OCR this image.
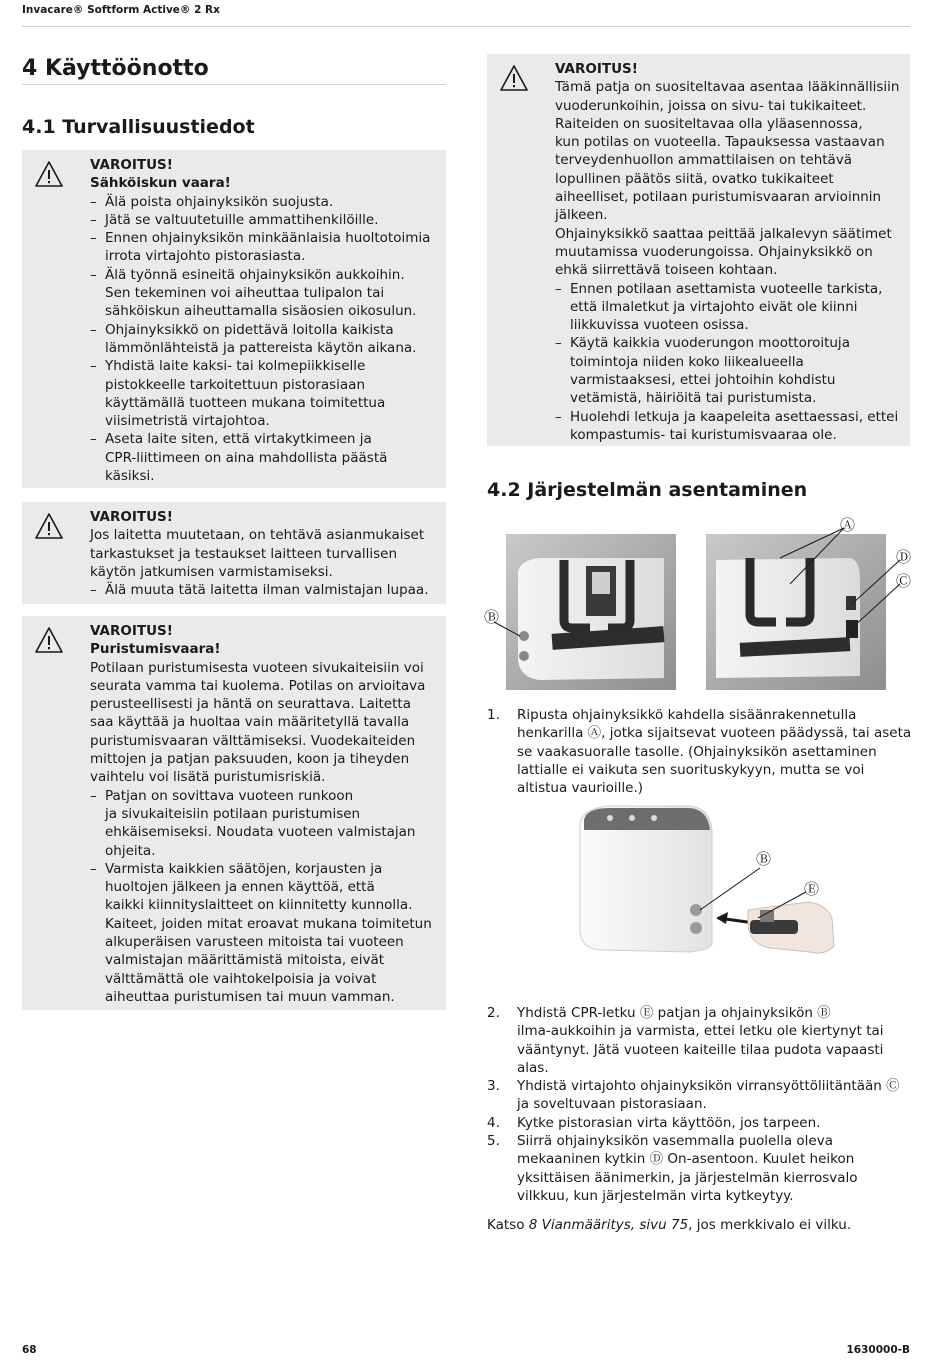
Invacare® Softform Active® 2 Rx
4 Käyttöönotto
4.1 Turvallisuustiedot
VAROITUS!
Sähköiskun vaara!
– Älä poista ohjainyksikön suojusta.
– Jätä se valtuutetuille ammattihenkilöille.
– Ennen ohjainyksikön minkäänlaisia huoltotoimia
irrota virtajohto pistorasiasta.
– Älä työnnä esineitä ohjainyksikön aukkoihin.
Sen tekeminen voi aiheuttaa tulipalon tai
sähköiskun aiheuttamalla sisäosien oikosulun.
– Ohjainyksikkö on pidettävä loitolla kaikista
lämmönlähteistä ja pattereista käytön aikana.
– Yhdistä laite kaksi- tai kolmepiikkiselle
pistokkeelle tarkoitettuun pistorasiaan
käyttämällä tuotteen mukana toimitettua
viisimetristä virtajohtoa.
– Aseta laite siten, että virtakytkimeen ja
CPR-liittimeen on aina mahdollista päästä
käsiksi.
VAROITUS!
Jos laitetta muutetaan, on tehtävä asianmukaiset
tarkastukset ja testaukset laitteen turvallisen
käytön jatkumisen varmistamiseksi.
– Älä muuta tätä laitetta ilman valmistajan lupaa.
VAROITUS!
Puristumisvaara!
Potilaan puristumisesta vuoteen sivukaiteisiin voi
seurata vamma tai kuolema. Potilas on arvioitava
perusteellisesti ja häntä on seurattava. Laitetta
saa käyttää ja huoltaa vain määritetyllä tavalla
puristumisvaaran välttämiseksi. Vuodekaiteiden
mittojen ja patjan paksuuden, koon ja tiheyden
vaihtelu voi lisätä puristumisriskiä.
– Patjan on sovittava vuoteen runkoon
ja sivukaiteisiin potilaan puristumisen
ehkäisemiseksi. Noudata vuoteen valmistajan
ohjeita.
– Varmista kaikkien säätöjen, korjausten ja
huoltojen jälkeen ja ennen käyttöä, että
kaikki kiinnityslaitteet on kiinnitetty kunnolla.
Kaiteet, joiden mitat eroavat mukana toimitetun
alkuperäisen varusteen mitoista tai vuoteen
valmistajan määrittämistä mitoista, eivät
välttämättä ole vaihtokelpoisia ja voivat
aiheuttaa puristumisen tai muun vamman.
VAROITUS!
Tämä patja on suositeltavaa asentaa lääkinnällisiin
vuoderunkoihin, joissa on sivu- tai tukikaiteet.
Raiteiden on suositeltavaa olla yläasennossa,
kun potilas on vuoteella. Tapauksessa vastaavan
terveydenhuollon ammattilaisen on tehtävä
lopullinen päätös siitä, ovatko tukikaiteet
aiheelliset, potilaan puristumisvaaran arvioinnin
jälkeen.
Ohjainyksikkö saattaa peittää jalkalevyn säätimet
muutamissa vuoderungoissa. Ohjainyksikkö on
ehkä siirrettävä toiseen kohtaan.
– Ennen potilaan asettamista vuoteelle tarkista,
että ilmaletkut ja virtajohto eivät ole kiinni
liikkuvissa vuoteen osissa.
– Käytä kaikkia vuoderungon moottoroituja
toimintoja niiden koko liikealueella
varmistaaksesi, ettei johtoihin kohdistu
vetämistä, häiriöitä tai puristumista.
– Huolehdi letkuja ja kaapeleita asettaessasi, ettei
kompastumis- tai kuristumisvaaraa ole.
4.2 Järjestelmän asentaminen
Ⓐ
Ⓓ
Ⓒ
Ⓑ
1. Ripusta ohjainyksikkö kahdella sisäänrakennetulla
henkarilla Ⓐ, jotka sijaitsevat vuoteen päädyssä, tai aseta
se vaakasuoralle tasolle. (Ohjainyksikön asettaminen
lattialle ei vaikuta sen suorituskykyyn, mutta se voi
altistua vaurioille.)
Ⓑ
Ⓔ
2. Yhdistä CPR-letku Ⓔ patjan ja ohjainyksikön Ⓑ
ilma-aukkoihin ja varmista, ettei letku ole kiertynyt tai
vääntynyt. Jätä vuoteen kaiteille tilaa pudota vapaasti
alas.
3. Yhdistä virtajohto ohjainyksikön virransyöttöliitäntään Ⓒ
ja soveltuvaan pistorasiaan.
4. Kytke pistorasian virta käyttöön, jos tarpeen.
5. Siirrä ohjainyksikön vasemmalla puolella oleva
mekaaninen kytkin Ⓓ On-asentoon. Kuulet heikon
yksittäisen äänimerkin, ja järjestelmän kierrosvalo
vilkkuu, kun järjestelmän virta kytkeytyy.
Katso 8 Vianmääritys, sivu 75, jos merkkivalo ei vilku.
68	1630000-B
